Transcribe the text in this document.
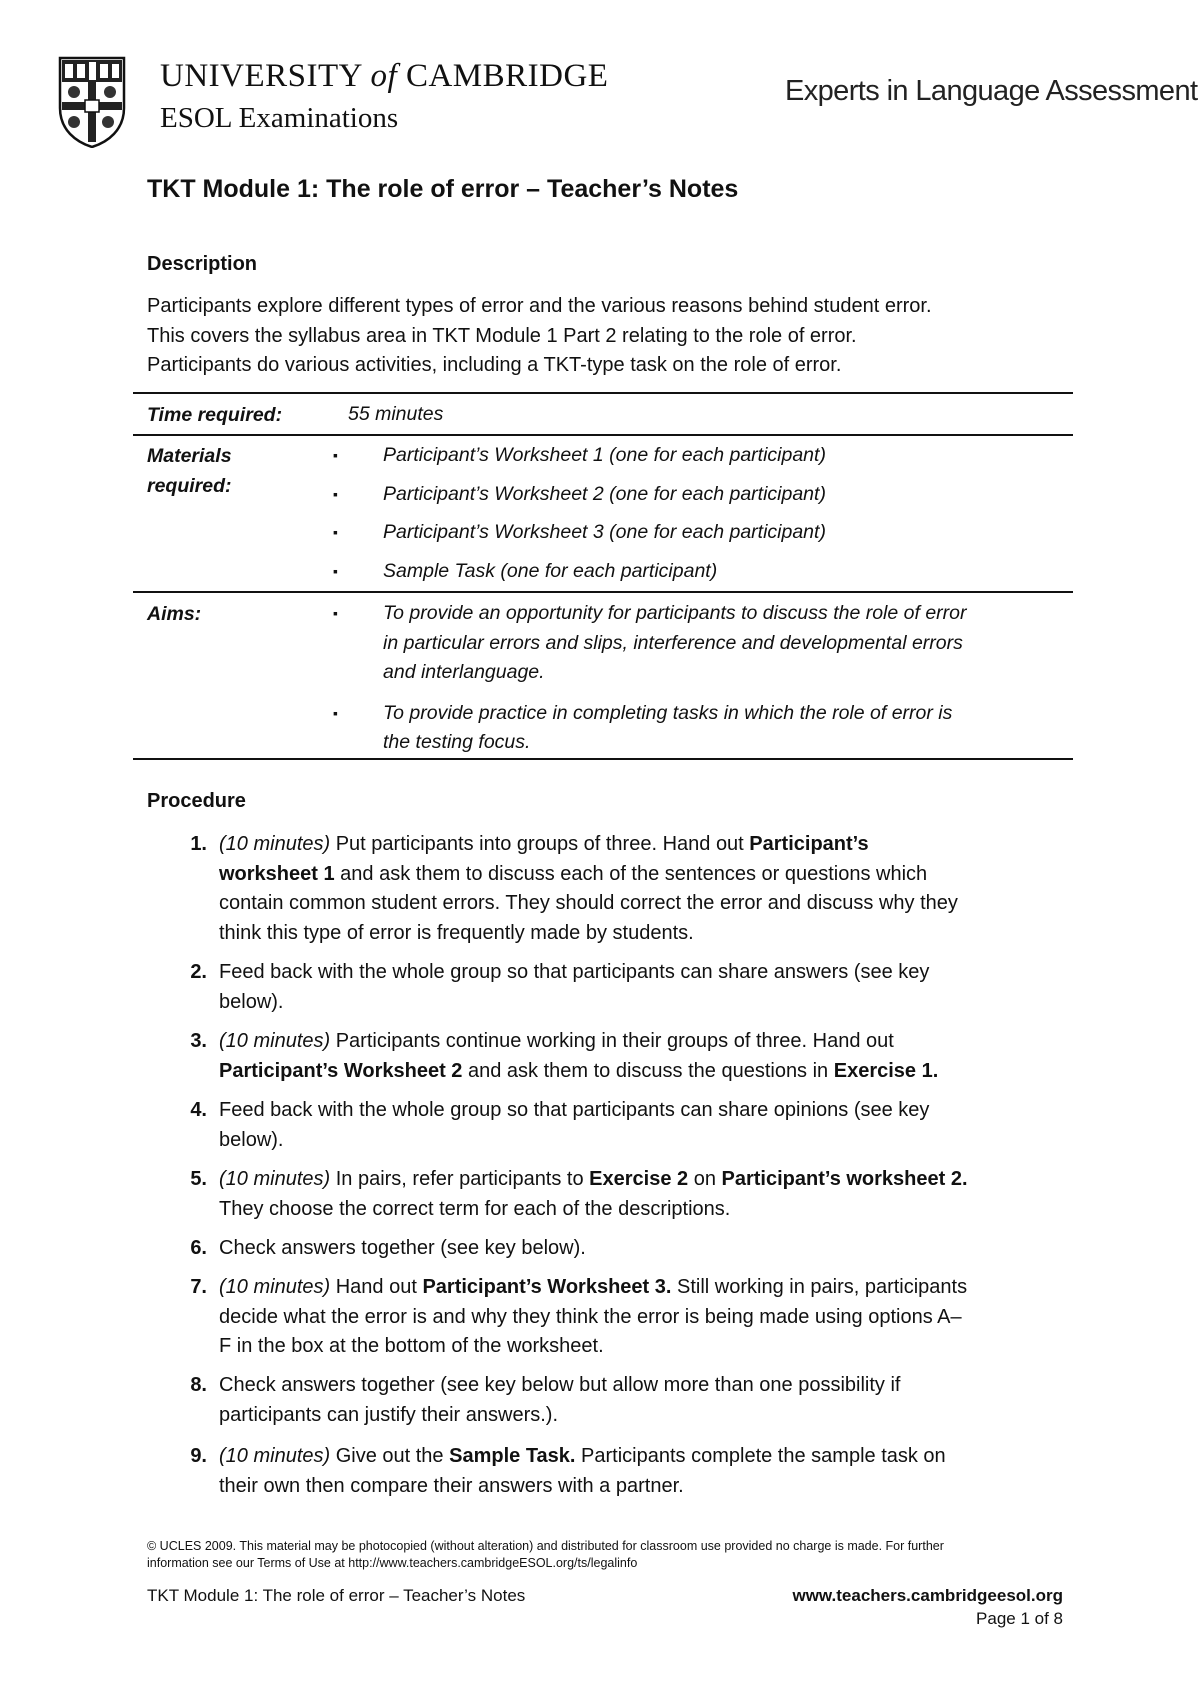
UNIVERSITY of CAMBRIDGE
ESOL Examinations
Experts in Language Assessment
TKT Module 1: The role of error – Teacher’s Notes
Description
Participants explore different types of error and the various reasons behind student error.
This covers the syllabus area in TKT Module 1 Part 2 relating to the role of error.
Participants do various activities, including a TKT-type task on the role of error.
Time required:	55 minutes
Materials
required:
▪ Participant’s Worksheet 1 (one for each participant)
▪ Participant’s Worksheet 2 (one for each participant)
▪ Participant’s Worksheet 3 (one for each participant)
▪ Sample Task (one for each participant)
Aims:	▪ To provide an opportunity for participants to discuss the role of error
in particular errors and slips, interference and developmental errors
and interlanguage.
▪ To provide practice in completing tasks in which the role of error is
the testing focus.
Procedure
1. (10 minutes) Put participants into groups of three. Hand out Participant’s
worksheet 1 and ask them to discuss each of the sentences or questions which
contain common student errors. They should correct the error and discuss why they
think this type of error is frequently made by students.
2. Feed back with the whole group so that participants can share answers (see key
below).
3. (10 minutes) Participants continue working in their groups of three. Hand out
Participant’s Worksheet 2 and ask them to discuss the questions in Exercise 1.
4. Feed back with the whole group so that participants can share opinions (see key
below).
5. (10 minutes) In pairs, refer participants to Exercise 2 on Participant’s worksheet 2.
They choose the correct term for each of the descriptions.
6. Check answers together (see key below).
7. (10 minutes) Hand out Participant’s Worksheet 3. Still working in pairs, participants
decide what the error is and why they think the error is being made using options A–
F in the box at the bottom of the worksheet.
8. Check answers together (see key below but allow more than one possibility if
participants can justify their answers.).
9. (10 minutes) Give out the Sample Task. Participants complete the sample task on
their own then compare their answers with a partner.
© UCLES 2009. This material may be photocopied (without alteration) and distributed for classroom use provided no charge is made. For further
information see our Terms of Use at http://www.teachers.cambridgeESOL.org/ts/legalinfo
TKT Module 1: The role of error – Teacher’s Notes	www.teachers.cambridgeesol.org
Page 1 of 8
